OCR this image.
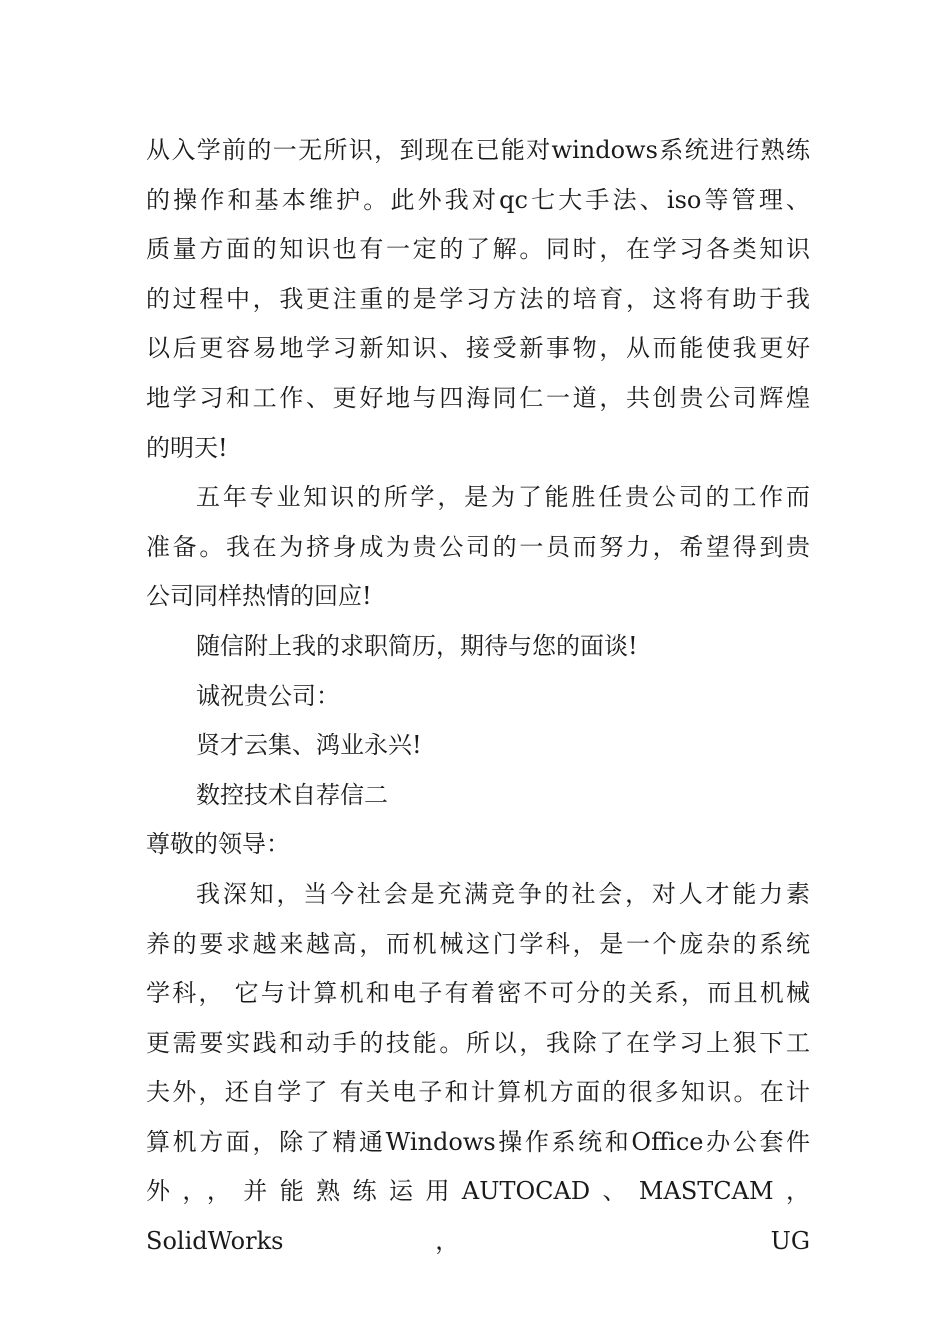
从入学前的一无所识，到现在已能对windows系统进行熟练
的操作和基本维护。此外我对qc七大手法、iso等管理、
质量方面的知识也有一定的了解。同时，在学习各类知识
的过程中，我更注重的是学习方法的培育，这将有助于我
以后更容易地学习新知识、接受新事物，从而能使我更好
地学习和工作、更好地与四海同仁一道，共创贵公司辉煌
的明天!
五年专业知识的所学，是为了能胜任贵公司的工作而
准备。我在为挤身成为贵公司的一员而努力，希望得到贵
公司同样热情的回应!
随信附上我的求职简历，期待与您的面谈!
诚祝贵公司：
贤才云集、鸿业永兴!
数控技术自荐信二
尊敬的领导：
我深知，当今社会是充满竞争的社会，对人才能力素
养的要求越来越高，而机械这门学科，是一个庞杂的系统
学科， 它与计算机和电子有着密不可分的关系，而且机械
更需要实践和动手的技能。所以，我除了在学习上狠下工
夫外，还自学了 有关电子和计算机方面的很多知识。在计
算机方面，除了精通Windows操作系统和Office办公套件
外，，并能熟练运用AUTOCAD、MASTCAM，SolidWorks， UG
